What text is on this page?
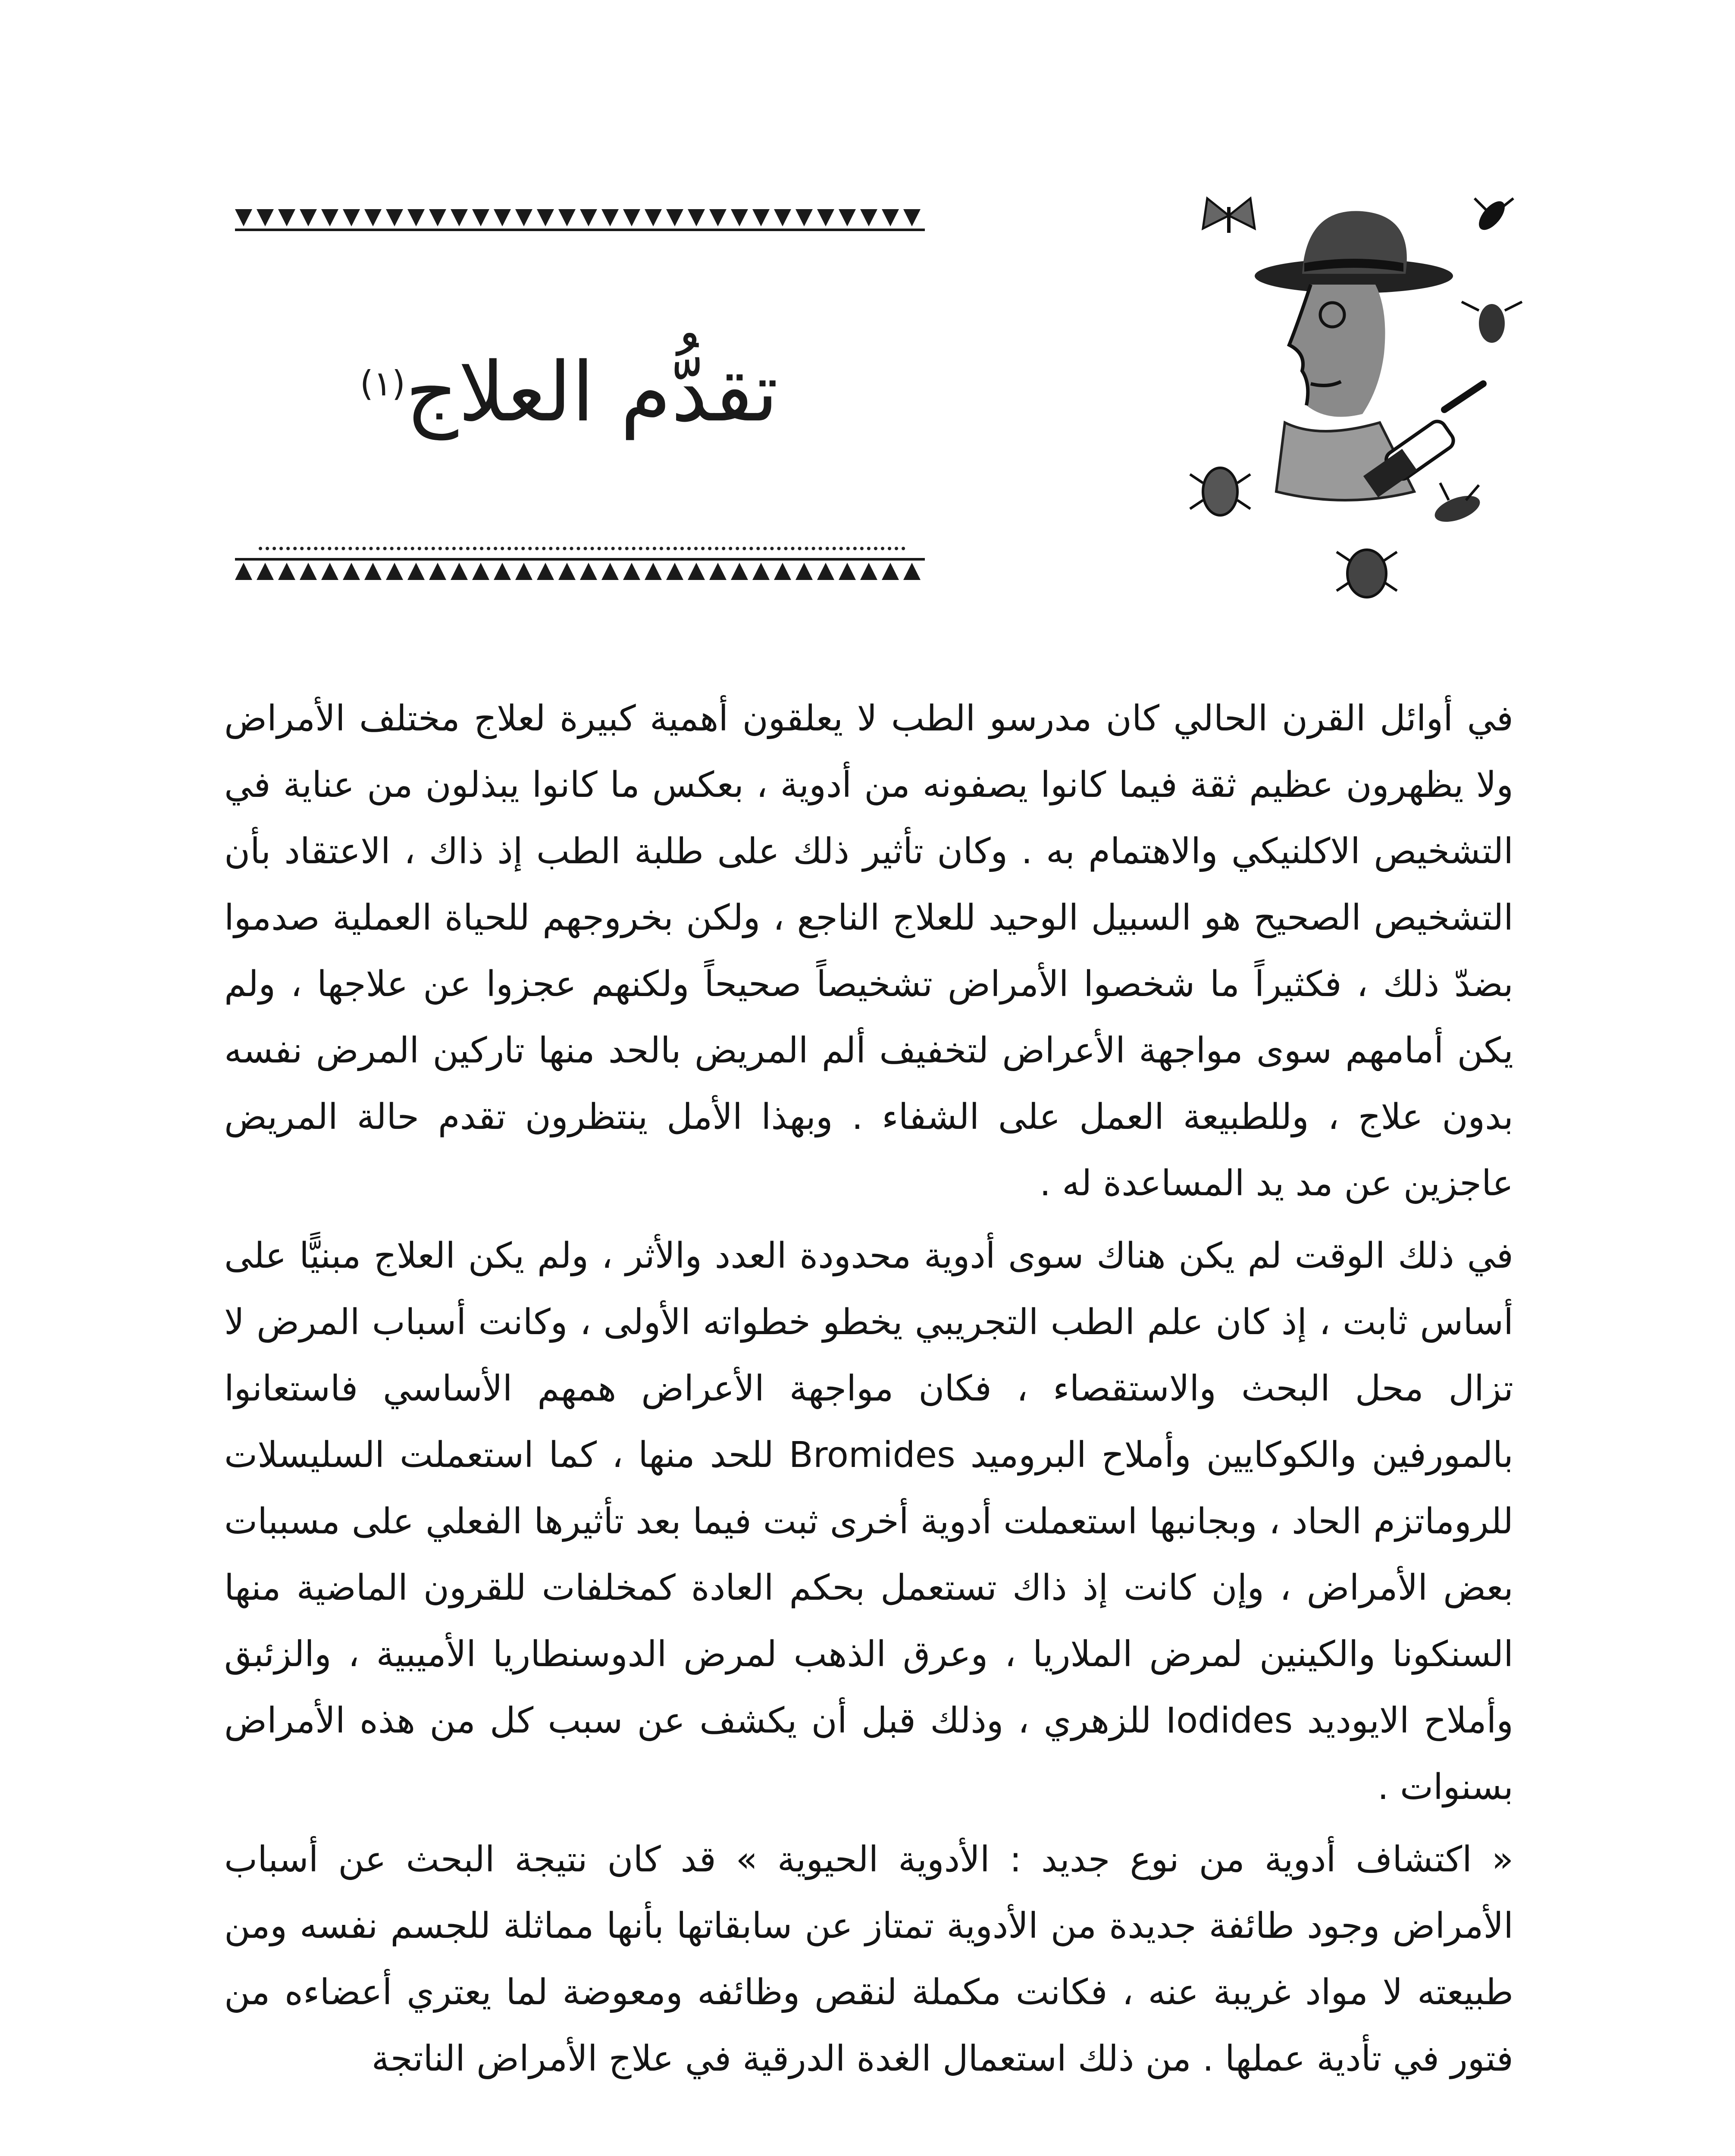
تقدُّم العلاج$^{(١)}$

في أوائل القرن الحالي كان مدرسو الطب لا يعلقون أهمية كبيرة لعلاج مختلف الأمراض ولا يظهرون عظيم ثقة فيما كانوا يصفونه من أدوية ، بعكس ما كانوا يبذلون من عناية في التشخيص الاكلنيكي والاهتمام به . وكان تأثير ذلك على طلبة الطب إذ ذاك ، الاعتقاد بأن التشخيص الصحيح هو السبيل الوحيد للعلاج الناجع ، ولكن بخروجهم للحياة العملية صدموا بضدّ ذلك ، فكثيراً ما شخصوا الأمراض تشخيصاً صحيحاً ولكنهم عجزوا عن علاجها ، ولم يكن أمامهم سوى مواجهة الأعراض لتخفيف ألم المريض بالحد منها تاركين المرض نفسه بدون علاج ، وللطبيعة العمل على الشفاء . وبهذا الأمل ينتظرون تقدم حالة المريض عاجزين عن مد يد المساعدة له .

في ذلك الوقت لم يكن هناك سوى أدوية محدودة العدد والأثر ، ولم يكن العلاج مبنيًّا على أساس ثابت ، إذ كان علم الطب التجريبي يخطو خطواته الأولى ، وكانت أسباب المرض لا تزال محل البحث والاستقصاء ، فكان مواجهة الأعراض همهم الأساسي فاستعانوا بالمورفين والكوكايين وأملاح البروميد Bromides للحد منها ، كما استعملت السليسلات للروماتزم الحاد ، وبجانبها استعملت أدوية أخرى ثبت فيما بعد تأثيرها الفعلي على مسببات بعض الأمراض ، وإن كانت إذ ذاك تستعمل بحكم العادة كمخلفات للقرون الماضية منها السنكونا والكينين لمرض الملاريا ، وعرق الذهب لمرض الدوسنطاريا الأميبية ، والزئبق وأملاح الايوديد Iodides للزهري ، وذلك قبل أن يكشف عن سبب كل من هذه الأمراض بسنوات .

« اكتشاف أدوية من نوع جديد : الأدوية الحيوية » قد كان نتيجة البحث عن أسباب الأمراض وجود طائفة جديدة من الأدوية تمتاز عن سابقاتها بأنها مماثلة للجسم نفسه ومن طبيعته لا مواد غريبة عنه ، فكانت مكملة لنقص وظائفه ومعوضة لما يعتري أعضاءه من فتور في تأدية عملها . من ذلك استعمال الغدة الدرقية في علاج الأمراض الناتجة
